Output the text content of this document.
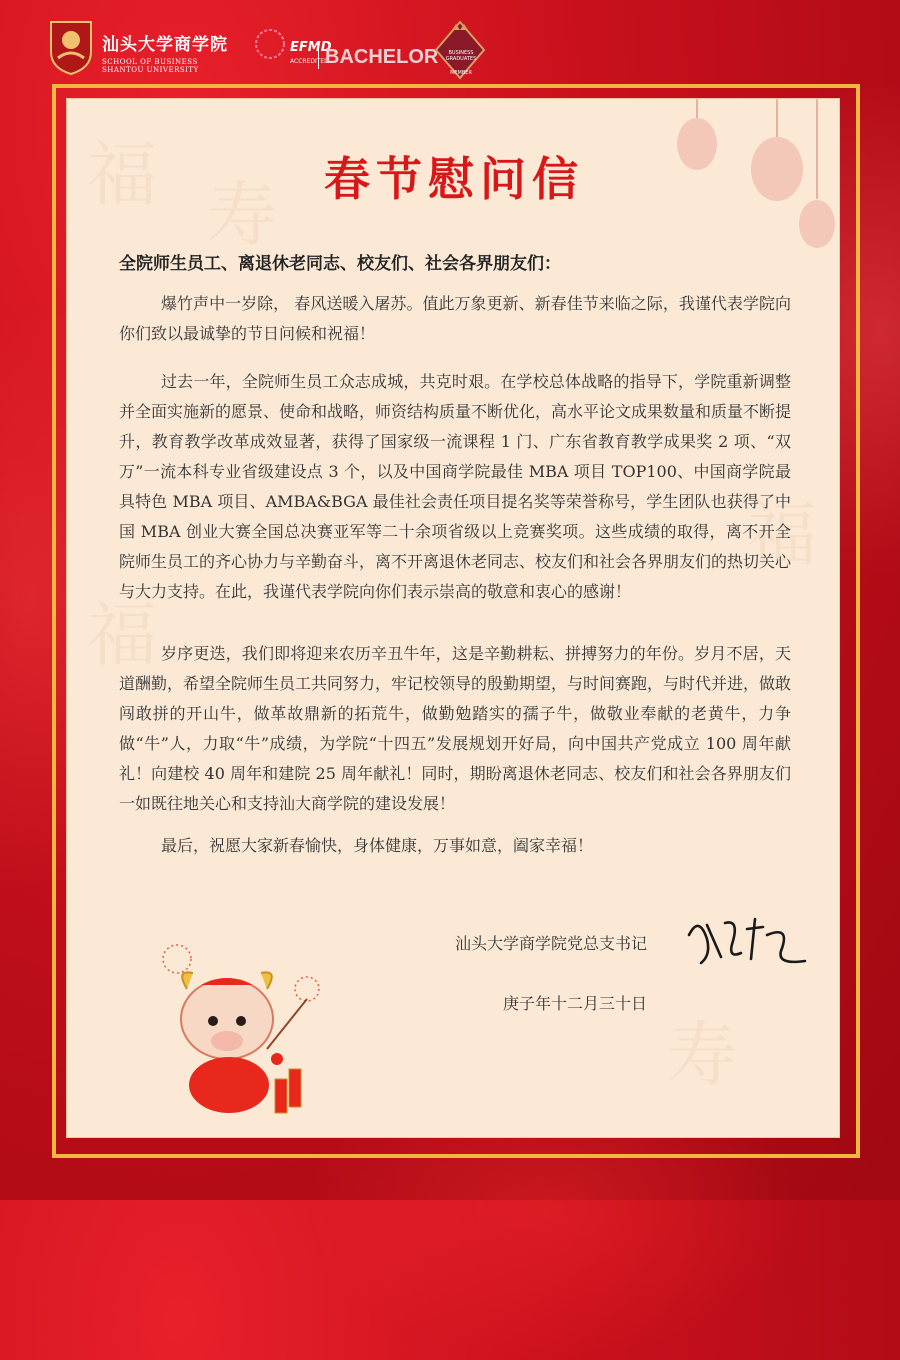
汕头大学商学院
SCHOOL OF BUSINESS
SHANTOU UNIVERSITY
EFMD
ACCREDITED
BACHELOR	BUSINESS
GRADUATES
MEMBER
福 寿
福
福
寿
春节慰问信
全院师生员工、离退休老同志、校友们、社会各界朋友们：
爆竹声中一岁除， 春风送暖入屠苏。值此万象更新、新春佳节来临之际，我谨代表学院向你们致以最诚挚的节日问候和祝福！
过去一年，全院师生员工众志成城，共克时艰。在学校总体战略的指导下，学院重新调整并全面实施新的愿景、使命和战略，师资结构质量不断优化，高水平论文成果数量和质量不断提升，教育教学改革成效显著，获得了国家级一流课程 1 门、广东省教育教学成果奖 2 项、“双万”一流本科专业省级建设点 3 个，以及中国商学院最佳 MBA 项目 TOP100、中国商学院最具特色 MBA 项目、AMBA&BGA 最佳社会责任项目提名奖等荣誉称号，学生团队也获得了中国 MBA 创业大赛全国总决赛亚军等二十余项省级以上竞赛奖项。这些成绩的取得，离不开全院师生员工的齐心协力与辛勤奋斗，离不开离退休老同志、校友们和社会各界朋友们的热切关心与大力支持。在此，我谨代表学院向你们表示崇高的敬意和衷心的感谢！
岁序更迭，我们即将迎来农历辛丑牛年，这是辛勤耕耘、拼搏努力的年份。岁月不居，天道酬勤，希望全院师生员工共同努力，牢记校领导的殷勤期望，与时间赛跑，与时代并进，做敢闯敢拼的开山牛，做革故鼎新的拓荒牛，做勤勉踏实的孺子牛，做敬业奉献的老黄牛，力争做“牛”人，力取“牛”成绩，为学院“十四五”发展规划开好局，向中国共产党成立 100 周年献礼！向建校 40 周年和建院 25 周年献礼！同时，期盼离退休老同志、校友们和社会各界朋友们一如既往地关心和支持汕大商学院的建设发展！
最后，祝愿大家新春愉快，身体健康，万事如意，阖家幸福！
汕头大学商学院党总支书记
庚子年十二月三十日
